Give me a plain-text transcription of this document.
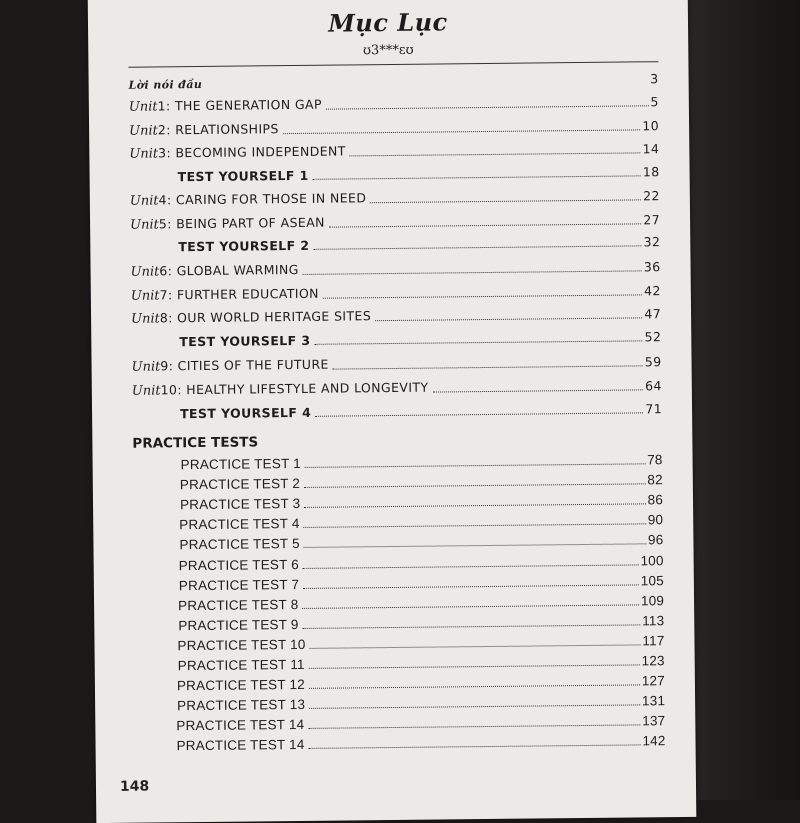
Mục Lục
ʊ3***ɛʊ
Lời nói đầu	3
Unit1: THE GENERATION GAP	5
Unit2: RELATIONSHIPS	10
Unit3: BECOMING INDEPENDENT	14
TEST YOURSELF 1	18
Unit4: CARING FOR THOSE IN NEED	22
Unit5: BEING PART OF ASEAN	27
TEST YOURSELF 2	32
Unit6: GLOBAL WARMING	36
Unit7: FURTHER EDUCATION	42
Unit8: OUR WORLD HERITAGE SITES	47
TEST YOURSELF 3	52
Unit9: CITIES OF THE FUTURE	59
Unit10: HEALTHY LIFESTYLE AND LONGEVITY	64
TEST YOURSELF 4	71
PRACTICE TESTS
PRACTICE TEST 1	78
PRACTICE TEST 2	82
PRACTICE TEST 3	86
PRACTICE TEST 4	90
PRACTICE TEST 5	96
PRACTICE TEST 6	100
PRACTICE TEST 7	105
PRACTICE TEST 8	109
PRACTICE TEST 9	113
PRACTICE TEST 10	117
PRACTICE TEST 11	123
PRACTICE TEST 12	127
PRACTICE TEST 13	131
PRACTICE TEST 14	137
PRACTICE TEST 14	142
148
